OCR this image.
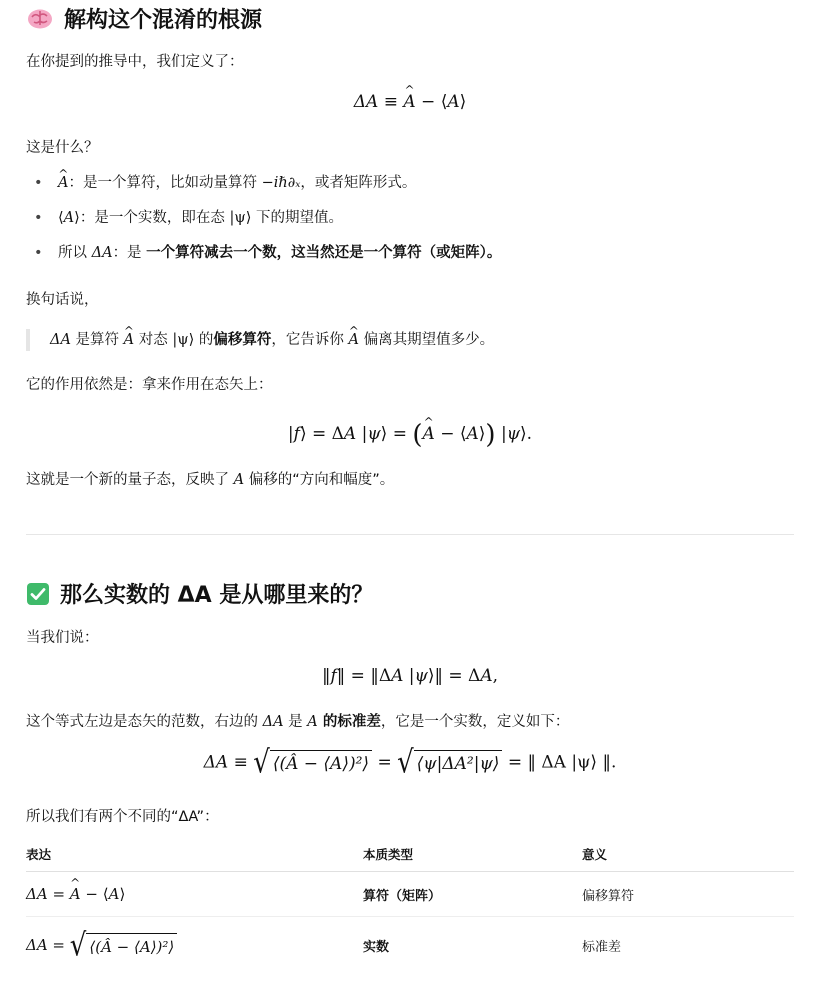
解构这个混淆的根源

在你提到的推导中，我们定义了：

ΔA ≡ A ^ − ⟨A⟩

这是什么？

• A ^：是一个算符，比如动量算符 −iℏ∂ₓ，或者矩阵形式。
• ⟨A⟩：是一个实数，即在态 |ψ⟩ 下的期望值。
• 所以 ΔA：是 一个算符减去一个数，这当然还是一个算符（或矩阵）。

换句话说，

ΔA 是算符 A ^ 对态 |ψ⟩ 的偏移算符，它告诉你 A ^ 偏离其期望值多少。

它的作用依然是：拿来作用在态矢上：

|f⟩ = ΔA |ψ⟩ = (A ^ − ⟨A⟩) |ψ⟩.

这就是一个新的量子态，反映了 A 偏移的“方向和幅度”。

那么实数的 ΔA 是从哪里来的？

当我们说：

‖f‖ = ‖ΔA |ψ⟩‖ = ΔA,

这个等式左边是态矢的范数，右边的 ΔA 是 A 的标准差，它是一个实数，定义如下：

ΔA ≡ √ ⟨(Â − ⟨A⟩)²⟩ = √ ⟨ψ|ΔA²|ψ⟩ = ‖ ΔA |ψ⟩ ‖.

所以我们有两个不同的“ΔA”：

表达	本质类型	意义
ΔA = A ^ − ⟨A⟩	算符（矩阵）	偏移算符
ΔA = √ ⟨(Â − ⟨A⟩)²⟩	实数	标准差
